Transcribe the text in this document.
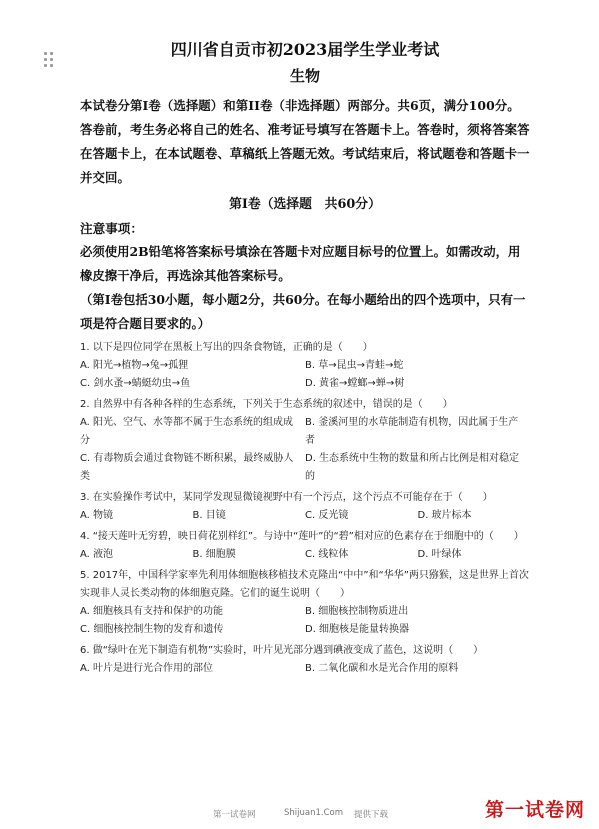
四川省自贡市初2023届学生学业考试
生物
本试卷分第I卷（选择题）和第II卷（非选择题）两部分。共6页，满分100分。答卷前，考生务必将自己的姓名、准考证号填写在答题卡上。答卷时，须将答案答在答题卡上，在本试题卷、草稿纸上答题无效。考试结束后，将试题卷和答题卡一并交回。
第I卷（选择题　共60分）
注意事项：
必须使用2B铅笔将答案标号填涂在答题卡对应题目标号的位置上。如需改动，用橡皮擦干净后，再选涂其他答案标号。
（第I卷包括30小题，每小题2分，共60分。在每小题给出的四个选项中，只有一项是符合题目要求的。）
1. 以下是四位同学在黑板上写出的四条食物链，正确的是（　　）
A. 阳光→植物→兔→孤狸	B. 草→昆虫→青蛙→蛇
C. 剑水蚤→蜻蜓幼虫→鱼	D. 黄雀→螳螂→蝉→树
2. 自然界中有各种各样的生态系统，下列关于生态系统的叙述中，错误的是（　　）
A. 阳光、空气、水等都不属于生态系统的组成成分
B. 釜溪河里的水草能制造有机物，因此属于生产者
C. 有毒物质会通过食物链不断积累，最终威胁人类
D. 生态系统中生物的数量和所占比例是相对稳定的
3. 在实验操作考试中，某同学发现显微镜视野中有一个污点，这个污点不可能存在于（　　）
A. 物镜	B. 目镜	C. 反光镜	D. 玻片标本
4. “接天莲叶无穷碧，映日荷花别样红”。与诗中“莲叶”的“碧”相对应的色素存在于细胞中的（　　）
A. 液泡	B. 细胞膜	C. 线粒体	D. 叶绿体
5. 2017年，中国科学家率先利用体细胞核移植技术克隆出“中中”和“华华”两只猕猴，这是世界上首次实现非人灵长类动物的体细胞克隆。它们的诞生说明（　　）
A. 细胞核具有支持和保护的功能	B. 细胞核控制物质进出
C. 细胞核控制生物的发育和遗传	D. 细胞核是能量转换器
6. 做“绿叶在光下制造有机物”实验时，叶片见光部分遇到碘液变成了蓝色，这说明（　　）
A. 叶片是进行光合作用的部位	B. 二氧化碳和水是光合作用的原料
第一试卷网	Shijuan1.Com 提供下载	第一试卷网
